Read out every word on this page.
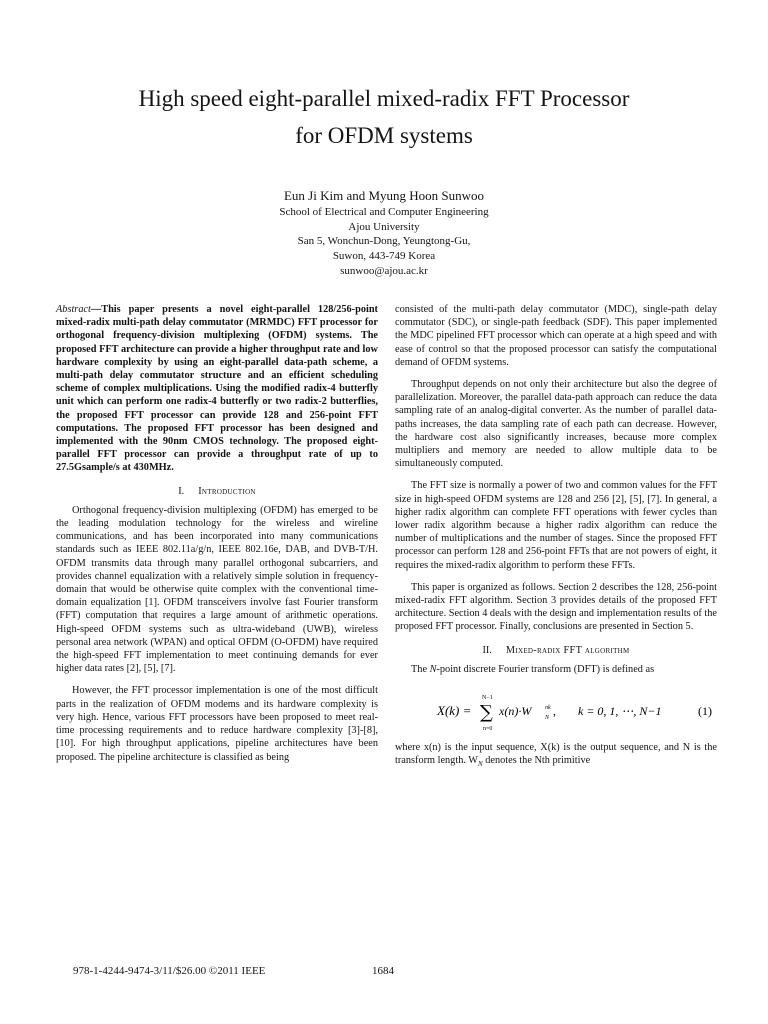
High speed eight-parallel mixed-radix FFT Processor
for OFDM systems
Eun Ji Kim and Myung Hoon Sunwoo
School of Electrical and Computer Engineering
Ajou University
San 5, Wonchun-Dong, Yeungtong-Gu,
Suwon, 443-749 Korea
sunwoo@ajou.ac.kr

Abstract—This paper presents a novel eight-parallel 128/256-point mixed-radix multi-path delay commutator (MRMDC) FFT processor for orthogonal frequency-division multiplexing (OFDM) systems. The proposed FFT architecture can provide a higher throughput rate and low hardware complexity by using an eight-parallel data-path scheme, a multi-path delay commutator structure and an efficient scheduling scheme of complex multiplications. Using the modified radix-4 butterfly unit which can perform one radix-4 butterfly or two radix-2 butterflies, the proposed FFT processor can provide 128 and 256-point FFT computations. The proposed FFT processor has been designed and implemented with the 90nm CMOS technology. The proposed eight-parallel FFT processor can provide a throughput rate of up to 27.5Gsample/s at 430MHz.

I. Introduction

Orthogonal frequency-division multiplexing (OFDM) has emerged to be the leading modulation technology for the wireless and wireline communications, and has been incorporated into many communications standards such as IEEE 802.11a/g/n, IEEE 802.16e, DAB, and DVB-T/H. OFDM transmits data through many parallel orthogonal subcarriers, and provides channel equalization with a relatively simple solution in frequency-domain that would be otherwise quite complex with the conventional time-domain equalization [1]. OFDM transceivers involve fast Fourier transform (FFT) computation that requires a large amount of arithmetic operations. High-speed OFDM systems such as ultra-wideband (UWB), wireless personal area network (WPAN) and optical OFDM (O-OFDM) have required the high-speed FFT implementation to meet continuing demands for ever higher data rates [2], [5], [7].

However, the FFT processor implementation is one of the most difficult parts in the realization of OFDM modems and its hardware complexity is very high. Hence, various FFT processors have been proposed to meet real-time processing requirements and to reduce hardware complexity [3]-[8], [10]. For high throughput applications, pipeline architectures have been proposed. The pipeline architecture is classified as being

consisted of the multi-path delay commutator (MDC), single-path delay commutator (SDC), or single-path feedback (SDF). This paper implemented the MDC pipelined FFT processor which can operate at a high speed and with ease of control so that the proposed processor can satisfy the computational demand of OFDM systems.

Throughput depends on not only their architecture but also the degree of parallelization. Moreover, the parallel data-path approach can reduce the data sampling rate of an analog-digital converter. As the number of parallel data-paths increases, the data sampling rate of each path can decrease. However, the hardware cost also significantly increases, because more complex multipliers and memory are needed to allow multiple data to be simultaneously computed.

The FFT size is normally a power of two and common values for the FFT size in high-speed OFDM systems are 128 and 256 [2], [5], [7]. In general, a higher radix algorithm can complete FFT operations with fewer cycles than lower radix algorithm because a higher radix algorithm can reduce the number of multiplications and the number of stages. Since the proposed FFT processor can perform 128 and 256-point FFTs that are not powers of eight, it requires the mixed-radix algorithm to perform these FFTs.

This paper is organized as follows. Section 2 describes the 128, 256-point mixed-radix FFT algorithm. Section 3 provides details of the proposed FFT architecture. Section 4 deals with the design and implementation results of the proposed FFT processor. Finally, conclusions are presented in Section 5.

II. Mixed-radix FFT algorithm

The N-point discrete Fourier transform (DFT) is defined as

X(k) =
N−1
∑
n=0
x(n)·W nk
N , k = 0, 1, ⋯, N−1	(1)

where x(n) is the input sequence, X(k) is the output sequence, and N is the transform length. $W_N$ denotes the Nth primitive

978-1-4244-9474-3/11/$26.00 ©2011 IEEE	1684
